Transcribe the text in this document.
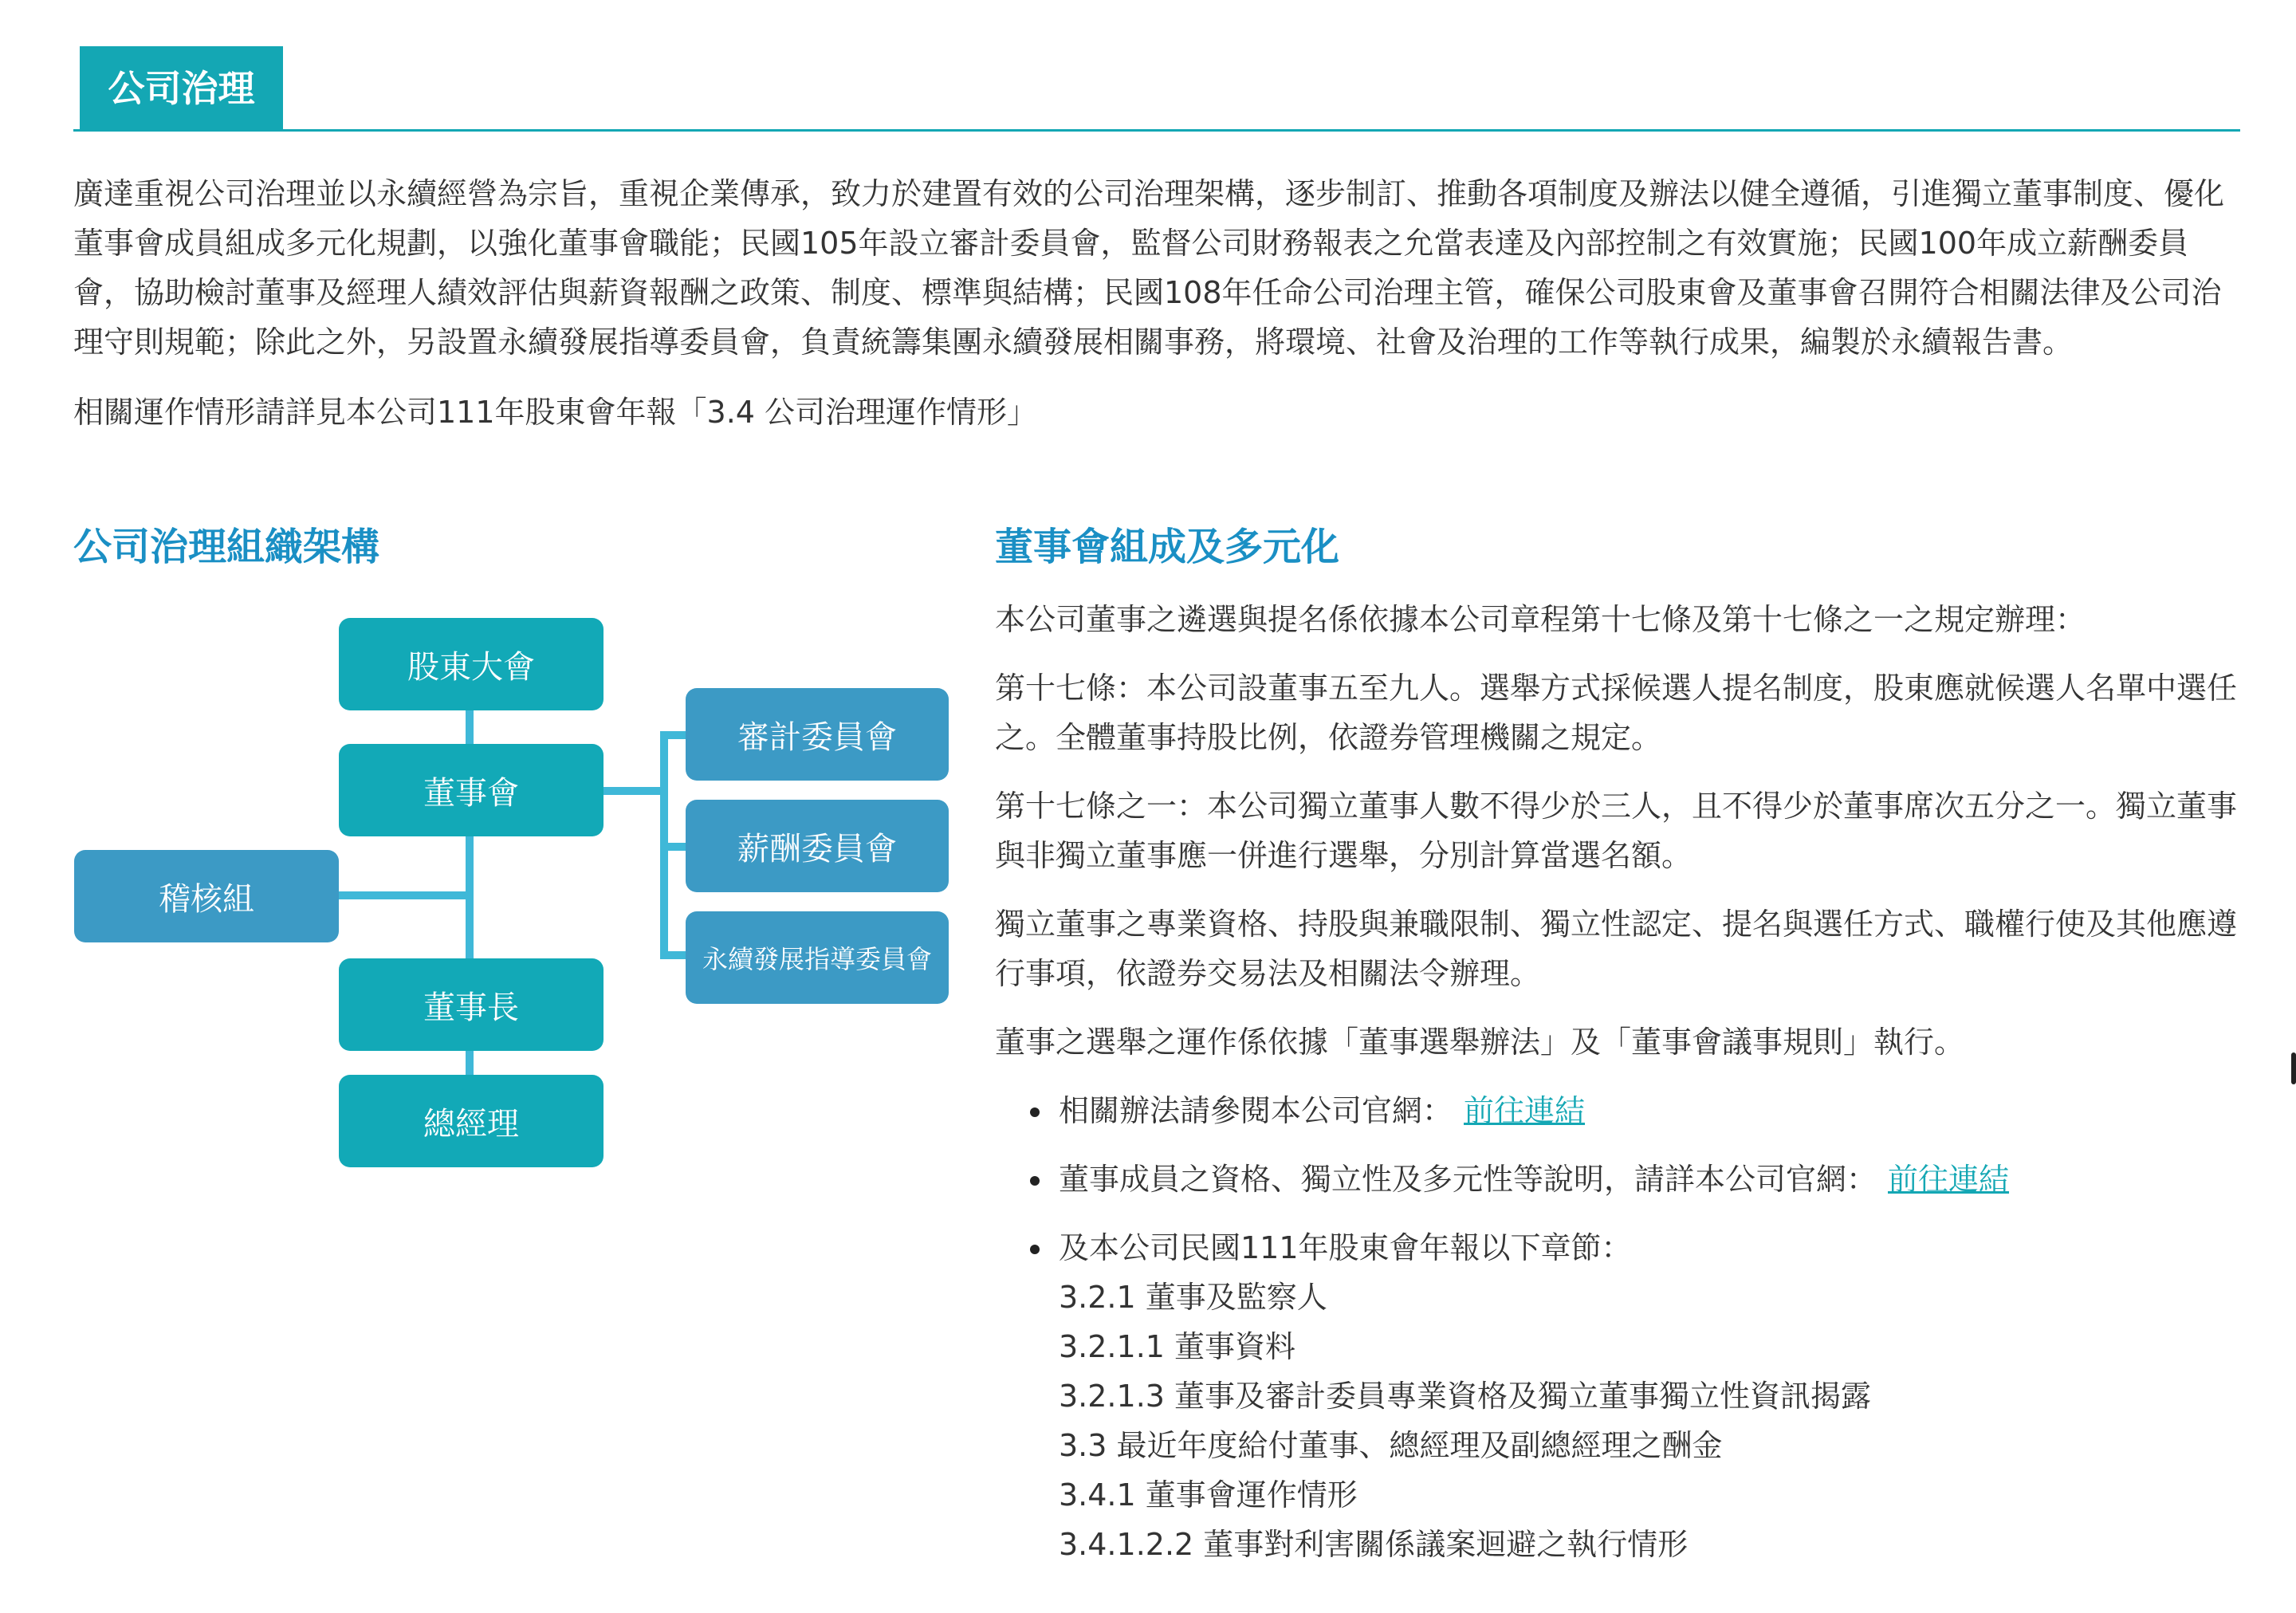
公司治理

廣達重視公司治理並以永續經營為宗旨，重視企業傳承，致力於建置有效的公司治理架構，逐步制訂、推動各項制度及辦法以健全遵循，引進獨立董事制度、優化董事會成員組成多元化規劃，以強化董事會職能；民國105年設立審計委員會，監督公司財務報表之允當表達及內部控制之有效實施；民國100年成立薪酬委員會，協助檢討董事及經理人績效評估與薪資報酬之政策、制度、標準與結構；民國108年任命公司治理主管，確保公司股東會及董事會召開符合相關法律及公司治理守則規範；除此之外，另設置永續發展指導委員會，負責統籌集團永續發展相關事務，將環境、社會及治理的工作等執行成果，編製於永續報告書。

相關運作情形請詳見本公司111年股東會年報「3.4 公司治理運作情形」

公司治理組織架構
股東大會
董事會
稽核組
董事長
總經理
審計委員會
薪酬委員會
永續發展指導委員會
董事會組成及多元化

本公司董事之遴選與提名係依據本公司章程第十七條及第十七條之一之規定辦理：

第十七條：本公司設董事五至九人。選舉方式採候選人提名制度，股東應就候選人名單中選任之。全體董事持股比例，依證券管理機關之規定。

第十七條之一：本公司獨立董事人數不得少於三人，且不得少於董事席次五分之一。獨立董事與非獨立董事應一併進行選舉，分別計算當選名額。

獨立董事之專業資格、持股與兼職限制、獨立性認定、提名與選任方式、職權行使及其他應遵行事項，依證券交易法及相關法令辦理。

董事之選舉之運作係依據「董事選舉辦法」及「董事會議事規則」執行。

相關辦法請參閱本公司官網： 前往連結
董事成員之資格、獨立性及多元性等說明，請詳本公司官網： 前往連結
及本公司民國111年股東會年報以下章節：
3.2.1 董事及監察人
3.2.1.1 董事資料
3.2.1.3 董事及審計委員專業資格及獨立董事獨立性資訊揭露
3.3 最近年度給付董事、總經理及副總經理之酬金
3.4.1 董事會運作情形
3.4.1.2.2 董事對利害關係議案迴避之執行情形
